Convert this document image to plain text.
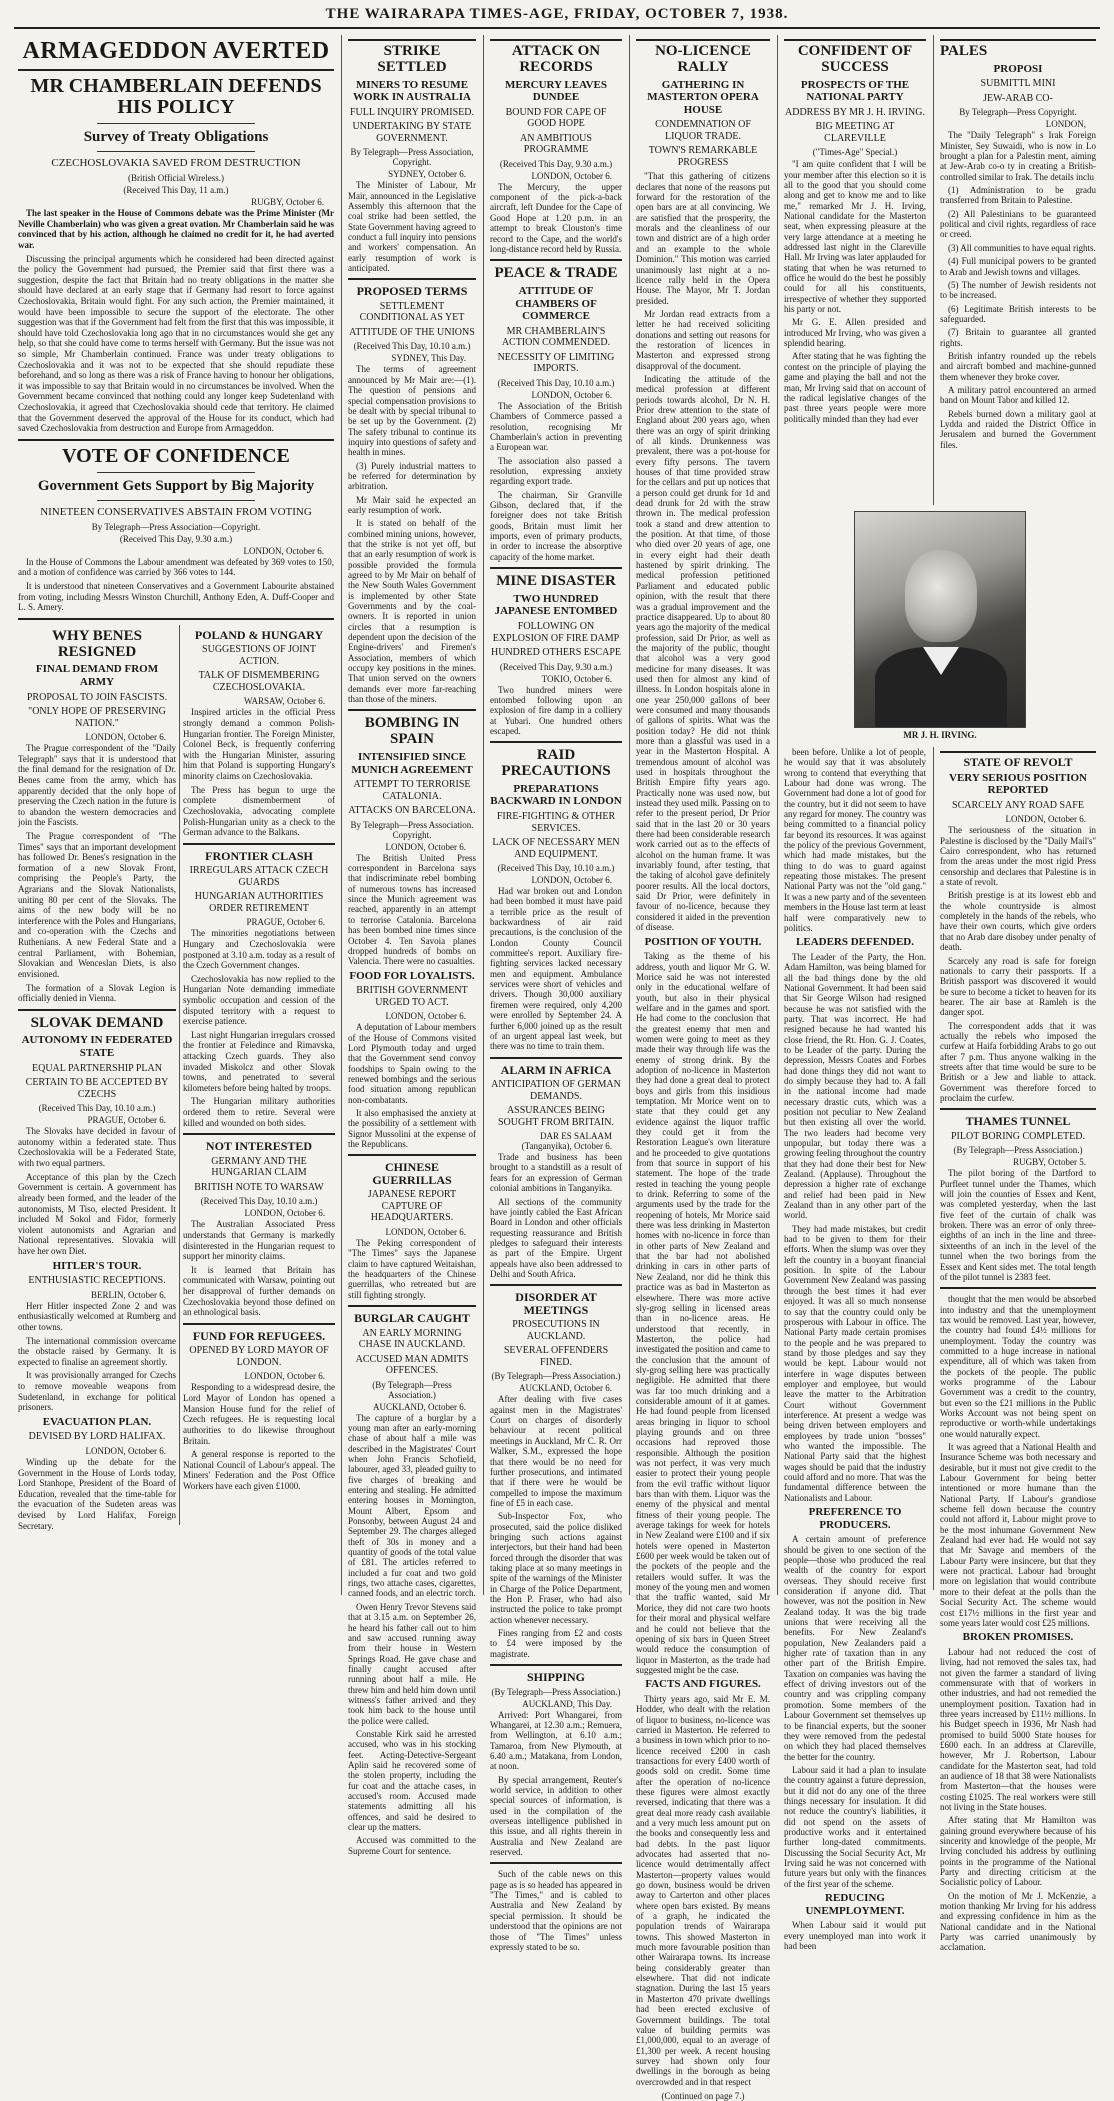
THE WAIRARAPA TIMES-AGE, FRIDAY, OCTOBER 7, 1938.
ARMAGEDDON AVERTED
MR CHAMBERLAIN DEFENDS HIS POLICY
Survey of Treaty Obligations
CZECHOSLOVAKIA SAVED FROM DESTRUCTION
(British Official Wireless.)
(Received This Day, 11 a.m.)
RUGBY, October 6.

The last speaker in the House of Commons debate was the Prime Minister (Mr Neville Chamberlain) who was given a great ovation. Mr Chamberlain said he was convinced that by his action, although he claimed no credit for it, he had averted war.

Discussing the principal arguments which he considered had been directed against the policy the Government had pursued, the Premier said that first there was a suggestion, despite the fact that Britain had no treaty obligations in the matter she should have declared at an early stage that if Germany had resort to force against Czechoslovakia, Britain would fight. For any such action, the Premier maintained, it would have been impossible to secure the support of the electorate. The other suggestion was that if the Government had felt from the first that this was impossible, it should have told Czechoslovakia long ago that in no circumstances would she get any help, so that she could have come to terms herself with Germany. But the issue was not so simple, Mr Chamberlain continued. France was under treaty obligations to Czechoslovakia and it was not to be expected that she should repudiate these beforehand, and so long as there was a risk of France having to honour her obligations, it was impossible to say that Britain would in no circumstances be involved. When the Government became convinced that nothing could any longer keep Sudetenland with Czechoslovakia, it agreed that Czechoslovakia should cede that territory. He claimed that the Government deserved the approval of the House for its conduct, which had saved Czechoslovakia from destruction and Europe from Armageddon.

VOTE OF CONFIDENCE
Government Gets Support by Big Majority
NINETEEN CONSERVATIVES ABSTAIN FROM VOTING
By Telegraph—Press Association—Copyright.
(Received This Day, 9.30 a.m.)
LONDON, October 6.

In the House of Commons the Labour amendment was defeated by 369 votes to 150, and a motion of confidence was carried by 366 votes to 144.

It is understood that nineteen Conservatives and a Government Labourite abstained from voting, including Messrs Winston Churchill, Anthony Eden, A. Duff-Cooper and L. S. Amery.

WHY BENES RESIGNED
FINAL DEMAND FROM ARMY
PROPOSAL TO JOIN FASCISTS.
"ONLY HOPE OF PRESERVING NATION."
LONDON, October 6.

The Prague correspondent of the "Daily Telegraph" says that it is understood that the final demand for the resignation of Dr. Benes came from the army, which has apparently decided that the only hope of preserving the Czech nation in the future is to abandon the western democracies and join the Fascists.

The Prague correspondent of "The Times" says that an important development has followed Dr. Benes's resignation in the formation of a new Slovak Front, comprising the People's Party, the Agrarians and the Slovak Nationalists, uniting 80 per cent of the Slovaks. The aims of the new body will be no interference with the Poles and Hungarians, and co-operation with the Czechs and Ruthenians. A new Federal State and a central Parliament, with Bohemian, Slovakian and Wenceslan Diets, is also envisioned.

The formation of a Slovak Legion is officially denied in Vienna.

SLOVAK DEMAND
AUTONOMY IN FEDERATED STATE
EQUAL PARTNERSHIP PLAN
CERTAIN TO BE ACCEPTED BY CZECHS
(Received This Day, 10.10 a.m.)
PRAGUE, October 6.

The Slovaks have decided in favour of autonomy within a federated state. Thus Czechoslovakia will be a Federated State, with two equal partners.

Acceptance of this plan by the Czech Government is certain. A government has already been formed, and the leader of the autonomists, M Tiso, elected President. It included M Sokol and Fidor, formerly violent autonomists and Agrarian and National representatives. Slovakia will have her own Diet.

HITLER'S TOUR.
ENTHUSIASTIC RECEPTIONS.
BERLIN, October 6.

Herr Hitler inspected Zone 2 and was enthusiastically welcomed at Rumberg and other towns.

The international commission overcame the obstacle raised by Germany. It is expected to finalise an agreement shortly.

It was provisionally arranged for Czechs to remove moveable weapons from Sudetenland, in exchange for political prisoners.

EVACUATION PLAN.
DEVISED BY LORD HALIFAX.
LONDON, October 6.

Winding up the debate for the Government in the House of Lords today, Lord Stanhope, President of the Board of Education, revealed that the time-table for the evacuation of the Sudeten areas was devised by Lord Halifax, Foreign Secretary.

POLAND & HUNGARY
SUGGESTIONS OF JOINT ACTION.
TALK OF DISMEMBERING CZECHOSLOVAKIA.
WARSAW, October 6.

Inspired articles in the official Press strongly demand a common Polish-Hungarian frontier. The Foreign Minister, Colonel Beck, is frequently conferring with the Hungarian Minister, assuring him that Poland is supporting Hungary's minority claims on Czechoslovakia.

The Press has begun to urge the complete dismemberment of Czechoslovakia, advocating complete Polish-Hungarian unity as a check to the German advance to the Balkans.

FRONTIER CLASH
IRREGULARS ATTACK CZECH GUARDS
HUNGARIAN AUTHORITIES ORDER RETIREMENT
PRAGUE, October 6.

The minorities negotiations between Hungary and Czechoslovakia were postponed at 3.10 a.m. today as a result of the Czech Government changes.

Czechoslovakia has now replied to the Hungarian Note demanding immediate symbolic occupation and cession of the disputed territory with a request to exercise patience.

Last night Hungarian irregulars crossed the frontier at Feledince and Rimavska, attacking Czech guards. They also invaded Miskolcz and other Slovak towns, and penetrated to several kilometers before being halted by troops.

The Hungarian military authorities ordered them to retire. Several were killed and wounded on both sides.

NOT INTERESTED
GERMANY AND THE HUNGARIAN CLAIM
BRITISH NOTE TO WARSAW
(Received This Day, 10.10 a.m.)
LONDON, October 6.

The Australian Associated Press understands that Germany is markedly disinterested in the Hungarian request to support her minority claims.

It is learned that Britain has communicated with Warsaw, pointing out her disapproval of further demands on Czechoslovakia beyond those defined on an ethnological basis.

FUND FOR REFUGEES.
OPENED BY LORD MAYOR OF LONDON.
LONDON, October 6.

Responding to a widespread desire, the Lord Mayor of London has opened a Mansion House fund for the relief of Czech refugees. He is requesting local authorities to do likewise throughout Britain.

A general response is reported to the National Council of Labour's appeal. The Miners' Federation and the Post Office Workers have each given £1000.

STRIKE SETTLED
MINERS TO RESUME WORK IN AUSTRALIA
FULL INQUIRY PROMISED.
UNDERTAKING BY STATE GOVERNMENT.
By Telegraph—Press Association, Copyright.
SYDNEY, October 6.

The Minister of Labour, Mr Mair, announced in the Legislative Assembly this afternoon that the coal strike had been settled, the State Government having agreed to conduct a full inquiry into pensions and workers' compensation. An early resumption of work is anticipated.

PROPOSED TERMS
SETTLEMENT CONDITIONAL AS YET
ATTITUDE OF THE UNIONS
(Received This Day, 10.10 a.m.)
SYDNEY, This Day.

The terms of agreement announced by Mr Mair are:—(1). The question of pensions and special compensation provisions to be dealt with by special tribunal to be set up by the Government. (2) The safety tribunal to continue its inquiry into questions of safety and health in mines.

(3) Purely industrial matters to be referred for determination by arbitration.

Mr Mair said he expected an early resumption of work.

It is stated on behalf of the combined mining unions, however, that the strike is not yet off, but that an early resumption of work is possible provided the formula agreed to by Mr Mair on behalf of the New South Wales Government is implemented by other State Governments and by the coal-owners. It is reported in union circles that a resumption is dependent upon the decision of the Engine-drivers' and Firemen's Association, members of which occupy key positions in the mines. That union served on the owners demands ever more far-reaching than those of the miners.

BOMBING IN SPAIN
INTENSIFIED SINCE MUNICH AGREEMENT
ATTEMPT TO TERRORISE CATALONIA.
ATTACKS ON BARCELONA.
By Telegraph—Press Association. Copyright.
LONDON, October 6.

The British United Press correspondent in Barcelona says that indiscriminate rebel bombing of numerous towns has increased since the Munich agreement was reached, apparently in an attempt to terrorise Catalonia. Barcelona has been bombed nine times since October 4. Ten Savoia planes dropped hundreds of bombs on Valencia. There were no casualties.

FOOD FOR LOYALISTS.
BRITISH GOVERNMENT URGED TO ACT.
LONDON, October 6.

A deputation of Labour members of the House of Commons visited Lord Plymouth today and urged that the Government send convoy foodships to Spain owing to the renewed bombings and the serious food situation among republican non-combatants.

It also emphasised the anxiety at the possibility of a settlement with Signor Mussolini at the expense of the Republicans.

CHINESE GUERRILLAS
JAPANESE REPORT CAPTURE OF HEADQUARTERS.
LONDON, October 6.

The Peking correspondent of "The Times" says the Japanese claim to have captured Weitaishan, the headquarters of the Chinese guerrillas, who retreated but are still fighting strongly.

BURGLAR CAUGHT
AN EARLY MORNING CHASE IN AUCKLAND.
ACCUSED MAN ADMITS OFFENCES.
(By Telegraph—Press Association.)
AUCKLAND, October 6.

The capture of a burglar by a young man after an early-morning chase of about half a mile was described in the Magistrates' Court when John Francis Schofield, labourer, aged 33, pleaded guilty to five charges of breaking and entering and stealing. He admitted entering houses in Mornington, Mount Albert, Epsom and Ponsonby, between August 24 and September 29. The charges alleged theft of 30s in money and a quantity of goods of the total value of £81. The articles referred to included a fur coat and two gold rings, two attache cases, cigarettes, canned foods, and an electric torch.

Owen Henry Trevor Stevens said that at 3.15 a.m. on September 26, he heard his father call out to him and saw accused running away from their house in Western Springs Road. He gave chase and finally caught accused after running about half a mile. He threw him and held him down until witness's father arrived and they took him back to the house until the police were called.

Constable Kirk said he arrested accused, who was in his stocking feet. Acting-Detective-Sergeant Aplin said he recovered some of the stolen property, including the fur coat and the attache cases, in accused's room. Accused made statements admitting all his offences, and said he desired to clear up the matters.

Accused was committed to the Supreme Court for sentence.

ATTACK ON RECORDS
MERCURY LEAVES DUNDEE
BOUND FOR CAPE OF GOOD HOPE
AN AMBITIOUS PROGRAMME
(Received This Day, 9.30 a.m.)
LONDON, October 6.

The Mercury, the upper component of the pick-a-back aircraft, left Dundee for the Cape of Good Hope at 1.20 p.m. in an attempt to break Clouston's time record to the Cape, and the world's long-distance record held by Russia.

PEACE & TRADE
ATTITUDE OF CHAMBERS OF COMMERCE
MR CHAMBERLAIN'S ACTION COMMENDED.
NECESSITY OF LIMITING IMPORTS.
(Received This Day, 10.10 a.m.)
LONDON, October 6.

The Association of the British Chambers of Commerce passed a resolution, recognising Mr Chamberlain's action in preventing a European war.

The association also passed a resolution, expressing anxiety regarding export trade.

The chairman, Sir Granville Gibson, declared that, if the foreigner does not take British goods, Britain must limit her imports, even of primary products, in order to increase the absorptive capacity of the home market.

MINE DISASTER
TWO HUNDRED JAPANESE ENTOMBED
FOLLOWING ON EXPLOSION OF FIRE DAMP
HUNDRED OTHERS ESCAPE
(Received This Day, 9.30 a.m.)
TOKIO, October 6.

Two hundred miners were entombed following upon an explosion of fire damp in a colliery at Yubari. One hundred others escaped.

RAID PRECAUTIONS
PREPARATIONS BACKWARD IN LONDON
FIRE-FIGHTING & OTHER SERVICES.
LACK OF NECESSARY MEN AND EQUIPMENT.
(Received This Day, 10.10 a.m.)
LONDON, October 6.

Had war broken out and London had been bombed it must have paid a terrible price as the result of backwardness of air raid precautions, is the conclusion of the London County Council committee's report. Auxiliary fire-fighting services lacked necessary men and equipment. Ambulance services were short of vehicles and drivers. Though 30,000 auxiliary firemen were required, only 4,200 were enrolled by September 24. A further 6,000 joined up as the result of an urgent appeal last week, but there was no time to train them.

ALARM IN AFRICA
ANTICIPATION OF GERMAN DEMANDS.
ASSURANCES BEING SOUGHT FROM BRITAIN.
DAR ES SALAAM (Tanganyika), October 6.

Trade and business has been brought to a standstill as a result of fears for an expression of German colonial ambitions in Tanganyika.

All sections of the community have jointly cabled the East African Board in London and other officials requesting reassurance and British pledges to safeguard their interests as part of the Empire. Urgent appeals have also been addressed to Delhi and South Africa.

DISORDER AT MEETINGS
PROSECUTIONS IN AUCKLAND.
SEVERAL OFFENDERS FINED.
(By Telegraph—Press Association.)
AUCKLAND, October 6.

After dealing with five cases against men in the Magistrates' Court on charges of disorderly behaviour at recent political meetings in Auckland, Mr C. R. Orr Walker, S.M., expressed the hope that there would be no need for further prosecutions, and intimated that if there were he would be compelled to impose the maximum fine of £5 in each case.

Sub-Inspector Fox, who prosecuted, said the police disliked bringing such actions against interjectors, but their hand had been forced through the disorder that was taking place at so many meetings in spite of the warnings of the Minister in Charge of the Police Department, the Hon P. Fraser, who had also instructed the police to take prompt action whenever necessary.

Fines ranging from £2 and costs to £4 were imposed by the magistrate.

SHIPPING
(By Telegraph—Press Association.)
AUCKLAND, This Day.

Arrived: Port Whangarei, from Whangarei, at 12.30 a.m.; Remuera, from Wellington, at 6.10 a.m.; Tamaroa, from New Plymouth, at 6.40 a.m.; Matakana, from London, at noon.

By special arrangement, Reuter's world service, in addition to other special sources of information, is used in the compilation of the overseas intelligence published in this issue, and all rights therein in Australia and New Zealand are reserved.

Such of the cable news on this page as is so headed has appeared in "The Times," and is cabled to Australia and New Zealand by special permission. It should be understood that the opinions are not those of "The Times" unless expressly stated to be so.

NO-LICENCE RALLY
GATHERING IN MASTERTON OPERA HOUSE
CONDEMNATION OF LIQUOR TRADE.
TOWN'S REMARKABLE PROGRESS

"That this gathering of citizens declares that none of the reasons put forward for the restoration of the open bars are at all convincing. We are satisfied that the prosperity, the morals and the cleanliness of our town and district are of a high order and an example to the whole Dominion." This motion was carried unanimously last night at a no-licence rally held in the Opera House. The Mayor, Mr T. Jordan presided.

Mr Jordan read extracts from a letter he had received soliciting donations and setting out reasons for the restoration of licences in Masterton and expressed strong disapproval of the document.

Indicating the attitude of the medical profession at different periods towards alcohol, Dr N. H. Prior drew attention to the state of England about 200 years ago, when there was an orgy of spirit drinking of all kinds. Drunkenness was prevalent, there was a pot-house for every fifty persons. The tavern houses of that time provided straw for the cellars and put up notices that a person could get drunk for 1d and dead drunk for 2d with the straw thrown in. The medical profession took a stand and drew attention to the position. At that time, of those who died over 20 years of age, one in every eight had their death hastened by spirit drinking. The medical profession petitioned Parliament and educated public opinion, with the result that there was a gradual improvement and the practice disappeared. Up to about 80 years ago the majority of the medical profession, said Dr Prior, as well as the majority of the public, thought that alcohol was a very good medicine for many diseases. It was used then for almost any kind of illness. In London hospitals alone in one year 250,000 gallons of beer were consumed and many thousands of gallons of spirits. What was the position today? He did not think more than a glassful was used in a year in the Masterton Hospital. A tremendous amount of alcohol was used in hospitals throughout the British Empire fifty years ago. Practically none was used now, but instead they used milk. Passing on to refer to the present period, Dr Prior said that in the last 20 or 30 years there had been considerable research work carried out as to the effects of alcohol on the human frame. It was invariably found, after testing, that the taking of alcohol gave definitely poorer results. All the local doctors, said Dr Prior, were definitely in favour of no-licence, because they considered it aided in the prevention of disease.

POSITION OF YOUTH.

Taking as the theme of his address, youth and liquor Mr G. W. Morice said he was not interested only in the educational welfare of youth, but also in their physical welfare and in the games and sport. He had come to the conclusion that the greatest enemy that men and women were going to meet as they made their way through life was the enemy of strong drink. By the adoption of no-licence in Masterton they had done a great deal to protect boys and girls from this insidious temptation. Mr Morice went on to state that they could get any evidence against the liquor traffic they could get it from the Restoration League's own literature and he proceeded to give quotations from that source in support of his statement. The hope of the trade rested in teaching the young people to drink. Referring to some of the arguments used by the trade for the reopening of hotels, Mr Morice said there was less drinking in Masterton homes with no-licence in force than in other parts of New Zealand and that the bar had not abolished drinking in cars in other parts of New Zealand, nor did he think this practice was as bad in Masterton as elsewhere. There was more active sly-grog selling in licensed areas than in no-licence areas. He understood that recently, in Masterton, the police had investigated the position and came to the conclusion that the amount of sly-grog selling here was practically negligible. He admitted that there was far too much drinking and a considerable amount of it at games. He had found people from licensed areas bringing in liquor to school playing grounds and on three occasions had reproved those responsible. Although the position was not perfect, it was very much easier to protect their young people from the evil traffic without liquor bars than with them. Liquor was the enemy of the physical and mental fitness of their young people. The average takings for week for hotels in New Zealand were £100 and if six hotels were opened in Masterton £600 per week would be taken out of the pockets of the people and the retailers would suffer. It was the money of the young men and women that the traffic wanted, said Mr Morice, they did not care two hoots for their moral and physical welfare and he could not believe that the opening of six bars in Queen Street would reduce the consumption of liquor in Masterton, as the trade had suggested might be the case.

FACTS AND FIGURES.

Thirty years ago, said Mr E. M. Hodder, who dealt with the relation of liquor to business, no-licence was carried in Masterton. He referred to a business in town which prior to no-licence received £200 in cash transactions for every £400 worth of goods sold on credit. Some time after the operation of no-licence these figures were almost exactly reversed, indicating that there was a great deal more ready cash available and a very much less amount put on the books and consequently less and bad debts. In the past liquor advocates had asserted that no-licence would detrimentally affect Masterton—property values would go down, business would be driven away to Carterton and other places where open bars existed. By means of a graph, he indicated the population trends of Wairarapa towns. This showed Masterton in much more favourable position than other Wairarapa towns. Its increase being considerably greater than elsewhere. That did not indicate stagnation. During the last 15 years in Masterton 470 private dwellings had been erected exclusive of Government buildings. The total value of building permits was £1,000,000, equal to an average of £1,300 per week. A recent housing survey had shown only four dwellings in the borough as being overcrowded and in that respect

(Continued on page 7.)
CONFIDENT OF SUCCESS
PROSPECTS OF THE NATIONAL PARTY
ADDRESS BY MR J. H. IRVING.
BIG MEETING AT CLAREVILLE
("Times-Age" Special.)

"I am quite confident that I will be your member after this election so it is all to the good that you should come along and get to know me and to like me," remarked Mr J. H. Irving, National candidate for the Masterton seat, when expressing pleasure at the very large attendance at a meeting he addressed last night in the Clareville Hall. Mr Irving was later applauded for stating that when he was returned to office he would do the best he possibly could for all his constituents, irrespective of whether they supported his party or not.

Mr G. E. Allen presided and introduced Mr Irving, who was given a splendid hearing.

After stating that he was fighting the contest on the principle of playing the game and playing the ball and not the man, Mr Irving said that on account of the radical legislative changes of the past three years people were more politically minded than they had ever

MR J. H. IRVING.

been before. Unlike a lot of people, he would say that it was absolutely wrong to contend that everything that Labour had done was wrong. The Government had done a lot of good for the country, but it did not seem to have any regard for money. The country was being committed to a financial policy far beyond its resources. It was against the policy of the previous Government, which had made mistakes, but the thing to do was to guard against repeating those mistakes. The present National Party was not the "old gang." It was a new party and of the seventeen members in the House last term at least half were comparatively new to politics.

LEADERS DEFENDED.

The Leader of the Party, the Hon. Adam Hamilton, was being blamed for all the bad things done by the old National Government. It had been said that Sir George Wilson had resigned because he was not satisfied with the party. That was incorrect. He had resigned because he had wanted his close friend, the Rt. Hon. G. J. Coates, to be Leader of the party. During the depression, Messrs Coates and Forbes had done things they did not want to do simply because they had to. A fall in the national income had made necessary drastic cuts, which was a position not peculiar to New Zealand but then existing all over the world. The two leaders had become very unpopular, but today there was a growing feeling throughout the country that they had done their best for New Zealand. (Applause). Throughout the depression a higher rate of exchange and relief had been paid in New Zealand than in any other part of the world.

They had made mistakes, but credit had to be given to them for their efforts. When the slump was over they left the country in a buoyant financial position. In spite of the Labour Government New Zealand was passing through the best times it had ever enjoyed. It was all so much nonsense to say that the country could only be prosperous with Labour in office. The National Party made certain promises to the people and he was prepared to stand by those pledges and say they would be kept. Labour would not interfere in wage disputes between employer and employee, but would leave the matter to the Arbitration Court without Government interference. At present a wedge was being driven between employers and employees by trade union "bosses" who wanted the impossible. The National Party said that the highest wages should be paid that the industry could afford and no more. That was the fundamental difference between the Nationalists and Labour.

PREFERENCE TO PRODUCERS.

A certain amount of preference should be given to one section of the people—those who produced the real wealth of the country for export overseas. They should receive first consideration if anyone did. That however, was not the position in New Zealand today. It was the big trade unions that were receiving all the benefits. For New Zealand's population, New Zealanders paid a higher rate of taxation than in any other part of the British Empire. Taxation on companies was having the effect of driving investors out of the country and was crippling company promotion. Some members of the Labour Government set themselves up to be financial experts, but the sooner they were removed from the pedestal on which they had placed themselves the better for the country.

Labour said it had a plan to insulate the country against a future depression, but it did not do any one of the three things necessary for insulation. It did not reduce the country's liabilities, it did not spend on the assets of productive works and it entertained further long-dated commitments. Discussing the Social Security Act, Mr Irving said he was not concerned with future years but only with the finances of the first year of the scheme.

REDUCING UNEMPLOYMENT.

When Labour said it would put every unemployed man into work it had been

PALES
PROPOSI
SUBMITTL MINI
JEW-ARAB CO-
By Telegraph—Press Copyright.
LONDON,

The "Daily Telegraph" s Irak Foreign Minister, Sey Suwaidi, who is now in Lo brought a plan for a Palestin ment, aiming at Jew-Arab co-o ty in creating a British-controlled similar to Irak. The details inclu

(1) Administration to be gradu transferred from Britain to Palestine.

(2) All Palestinians to be guaranteed political and civil rights, regardless of race or creed.

(3) All communities to have equal rights.

(4) Full municipal powers to be granted to Arab and Jewish towns and villages.

(5) The number of Jewish residents not to be increased.

(6) Legitimate British interests to be safeguarded.

(7) Britain to guarantee all granted rights.

British infantry rounded up the rebels and aircraft bombed and machine-gunned them whenever they broke cover.

A military patrol encountered an armed band on Mount Tabor and killed 12.

Rebels burned down a military gaol at Lydda and raided the District Office in Jerusalem and burned the Government files.

STATE OF REVOLT
VERY SERIOUS POSITION REPORTED
SCARCELY ANY ROAD SAFE
LONDON, October 6.

The seriousness of the situation in Palestine is disclosed by the "Daily Mail's" Cairo correspondent, who has returned from the areas under the most rigid Press censorship and declares that Palestine is in a state of revolt.

British prestige is at its lowest ebb and the whole countryside is almost completely in the hands of the rebels, who have their own courts, which give orders that no Arab dare disobey under penalty of death.

Scarcely any road is safe for foreign nationals to carry their passports. If a British passport was discovered it would be sure to become a ticket to heaven for its bearer. The air base at Ramleh is the danger spot.

The correspondent adds that it was actually the rebels who imposed the curfew at Haifa forbidding Arabs to go out after 7 p.m. Thus anyone walking in the streets after that time would be sure to be British or a Jew and liable to attack. Government was therefore forced to proclaim the curfew.

THAMES TUNNEL
PILOT BORING COMPLETED.
(By Telegraph—Press Association.)
RUGBY, October 5.

The pilot boring of the Dartford to Purfleet tunnel under the Thames, which will join the counties of Essex and Kent, was completed yesterday, when the last five feet of the curtain of chalk was broken. There was an error of only three-eighths of an inch in the line and three-sixteenths of an inch in the level of the tunnel when the two borings from the Essex and Kent sides met. The total length of the pilot tunnel is 2383 feet.

thought that the men would be absorbed into industry and that the unemployment tax would be removed. Last year, however, the country had found £4½ millions for unemployment. Today the country was committed to a huge increase in national expenditure, all of which was taken from the pockets of the people. The public works programme of the Labour Government was a credit to the country, but even so the £21 millions in the Public Works Account was not being spent on reproductive or worth-while undertakings one would naturally expect.

It was agreed that a National Health and Insurance Scheme was both necessary and desirable, but it must not give credit to the Labour Government for being better intentioned or more humane than the National Party. If Labour's grandiose scheme fell down because the country could not afford it, Labour might prove to be the most inhumane Government New Zealand had ever had. He would not say that Mr Savage and members of the Labour Party were insincere, but that they were not practical. Labour had brought more on legislation that would contribute more to their defeat at the polls than the Social Security Act. The scheme would cost £17½ millions in the first year and some years later would cost £25 millions.

BROKEN PROMISES.

Labour had not reduced the cost of living, had not removed the sales tax, had not given the farmer a standard of living commensurate with that of workers in other industries, and had not remedied the unemployment position. Taxation had in three years increased by £11½ millions. In his Budget speech in 1936, Mr Nash had promised to build 5000 State houses for £600 each. In an address at Clareville, however, Mr J. Robertson, Labour candidate for the Masterton seat, had told an audience of 18 that 38 were Nationalists from Masterton—that the houses were costing £1025. The real workers were still not living in the State houses.

After stating that Mr Hamilton was gaining ground everywhere because of his sincerity and knowledge of the people, Mr Irving concluded his address by outlining points in the programme of the National Party and directing criticism at the Socialistic policy of Labour.

On the motion of Mr J. McKenzie, a motion thanking Mr Irving for his address and expressing confidence in him as the National candidate and in the National Party was carried unanimously by acclamation.
